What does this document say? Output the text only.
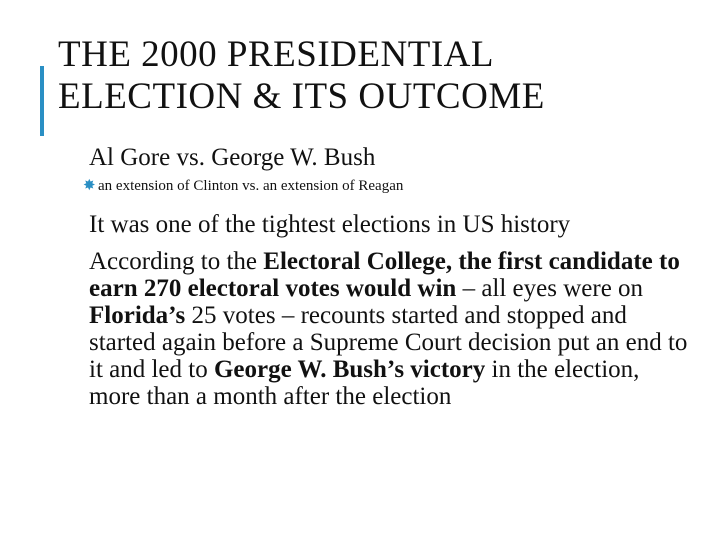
THE 2000 PRESIDENTIAL
ELECTION & ITS OUTCOME

Al Gore vs. George W. Bush

✸ an extension of Clinton vs. an extension of Reagan

It was one of the tightest elections in US history

According to the Electoral College, the first candidate to earn 270 electoral votes would win – all eyes were on Florida’s 25 votes – recounts started and stopped and started again before a Supreme Court decision put an end to it and led to George W. Bush’s victory in the election, more than a month after the election
